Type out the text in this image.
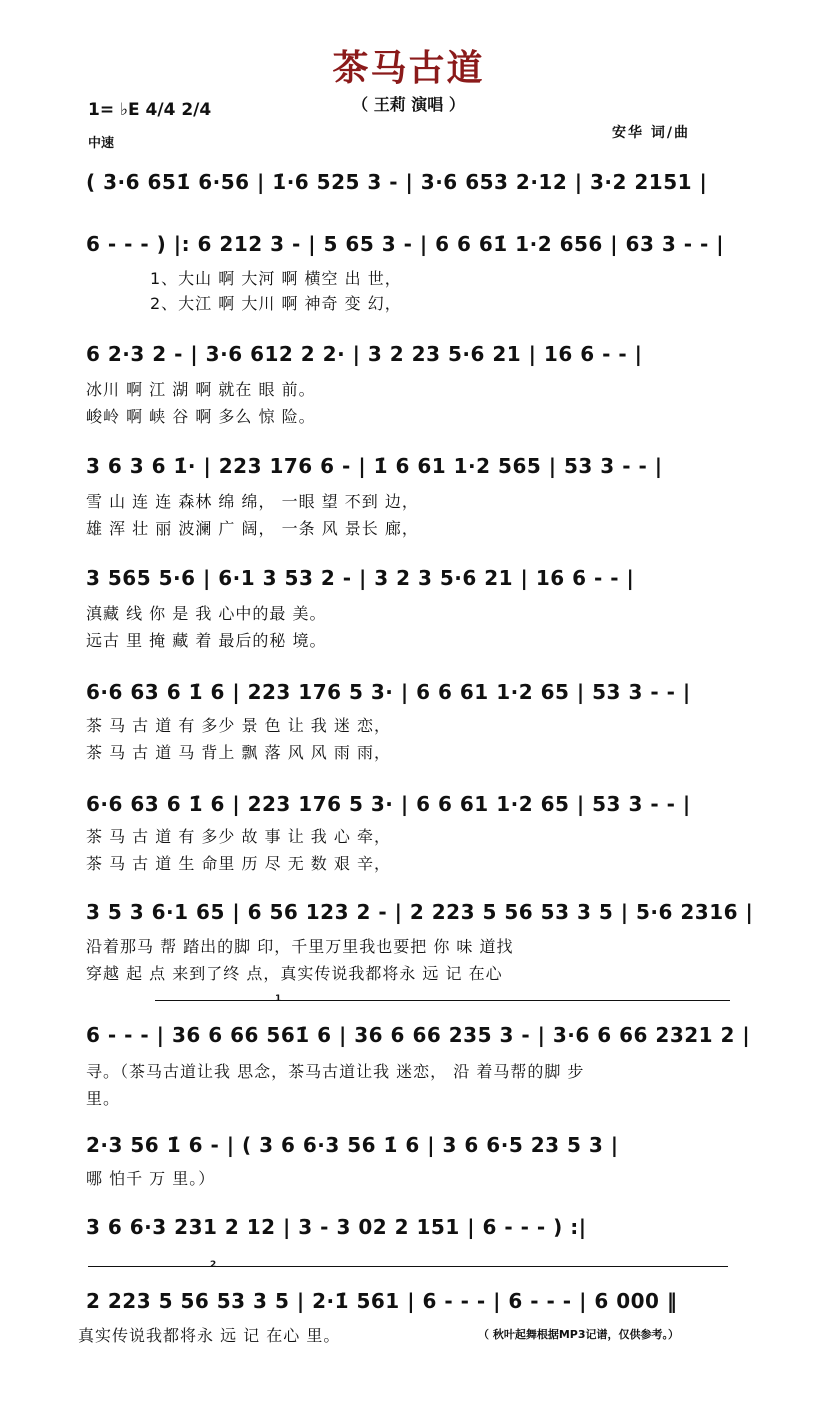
茶马古道
（ 王莉 演唱 ）
1= ♭E 4/4 2/4
中速
安华 词/曲
( 3·6 651̇ 6·56 | 1̇·6 525 3 - | 3·6 653 2·12 | 3·2 2151 |
6 - - - ) |: 6 212 3 - | 5 65 3 - | 6 6 61̇ 1·2 656 | 63 3 - - |
1、大山 啊 大河 啊 横空 出 世，
2、大江 啊 大川 啊 神奇 变 幻，
6 2·3 2 - | 3·6 612 2 2· | 3 2 23 5·6 21 | 16 6 - - |
冰川 啊 江 湖 啊 就在 眼 前。
峻岭 啊 峡 谷 啊 多么 惊 险。
3 6 3 6 1̇· | 223 176 6 - | 1̇ 6 61 1·2 565 | 53 3 - - |
雪 山 连 连 森林 绵 绵， 一眼 望 不到 边，
雄 浑 壮 丽 波澜 广 阔， 一条 风 景长 廊，
3 565 5·6 | 6·1 3 53 2 - | 3 2 3 5·6 21 | 16 6 - - |
滇藏 线 你 是 我 心中的最 美。
远古 里 掩 藏 着 最后的秘 境。
6·6 63 6 1̇ 6 | 223 176 5 3· | 6 6 61 1·2 65 | 53 3 - - |
茶 马 古 道 有 多少 景 色 让 我 迷 恋，
茶 马 古 道 马 背上 飘 落 风 风 雨 雨，
6·6 63 6 1̇ 6 | 223 176 5 3· | 6 6 61 1·2 65 | 53 3 - - |
茶 马 古 道 有 多少 故 事 让 我 心 牵，
茶 马 古 道 生 命里 历 尽 无 数 艰 辛，
3 5 3 6·1 65 | 6 56 123 2 - | 2 223 5 56 53 3 5 | 5·6 2316 |
沿着那马 帮 踏出的脚 印，千里万里我也要把 你 味 道找
穿越 起 点 来到了终 点，真实传说我都将永 远 记 在心
1
6 - - - | 36 6 66 561̇ 6 | 36 6 66 235 3 - | 3·6 6 66 2321 2 |
寻。（茶马古道让我 思念，茶马古道让我 迷恋， 沿 着马帮的脚 步
里。
2·3 56 1̇ 6 - | ( 3 6 6·3 56 1̇ 6 | 3 6 6·5 23 5 3 |
哪 怕千 万 里。）
3 6 6·3 231 2 12 | 3 - 3 02 2 151 | 6 - - - ) :|
2
2 223 5 56 53 3 5 | 2·1̇ 561 | 6 - - - | 6 - - - | 6 000 ‖
真实传说我都将永 远 记 在心 里。	（ 秋叶起舞根据MP3记谱，仅供参考。）
